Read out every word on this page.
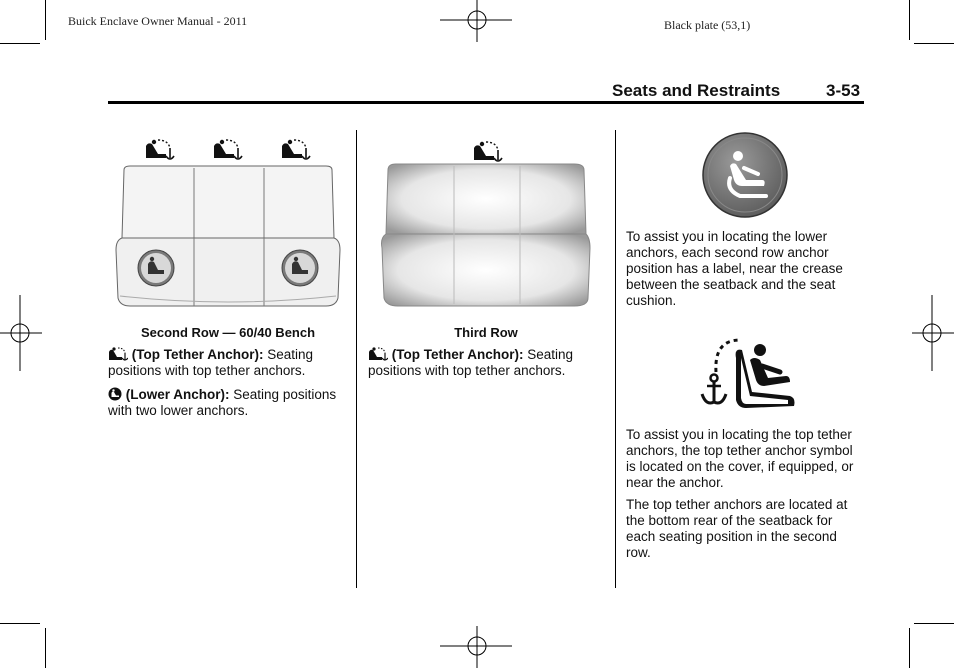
Buick Enclave Owner Manual - 2011	Black plate (53,1)
Seats and Restraints	3-53
Second Row — 60/40 Bench

(Top Tether Anchor): Seating positions with top tether anchors.

(Lower Anchor): Seating positions with two lower anchors.

Third Row

(Top Tether Anchor): Seating positions with top tether anchors.

To assist you in locating the lower anchors, each second row anchor position has a label, near the crease between the seatback and the seat cushion.
To assist you in locating the top tether anchors, the top tether anchor symbol is located on the cover, if equipped, or near the anchor.
The top tether anchors are located at the bottom rear of the seatback for each seating position in the second row.
